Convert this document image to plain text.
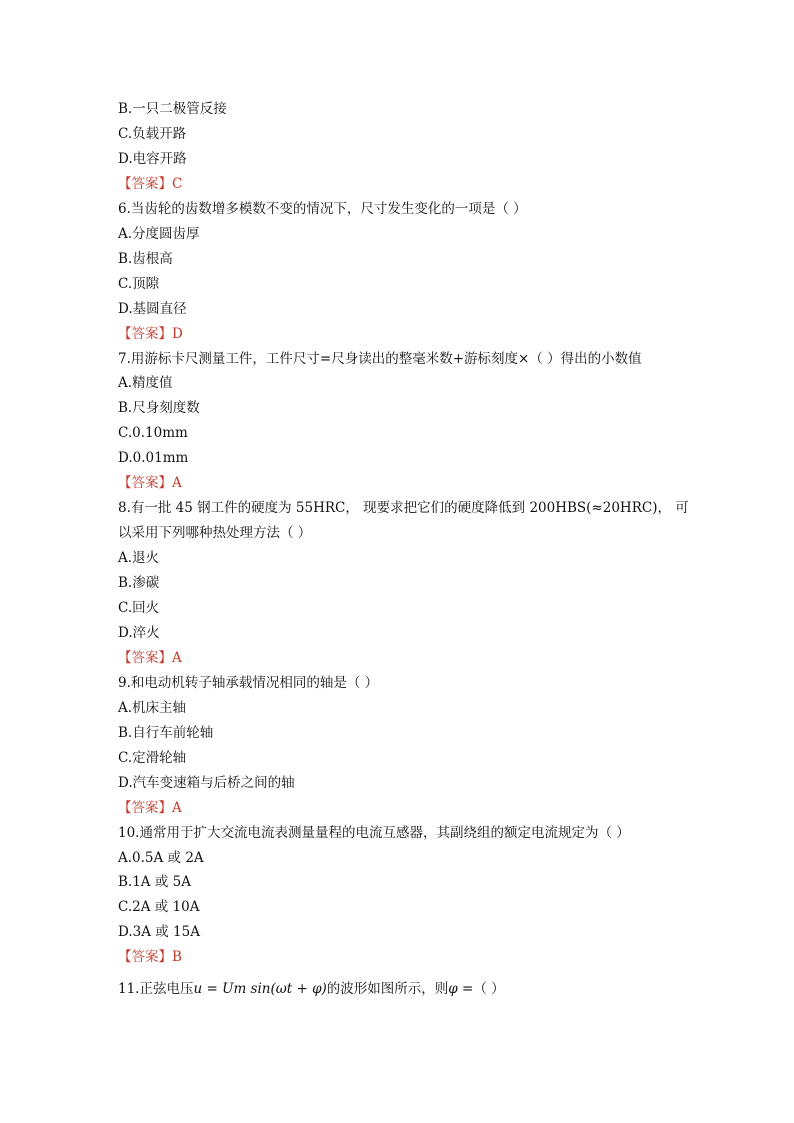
B.一只二极管反接
C.负载开路
D.电容开路
【答案】C
6.当齿轮的齿数增多模数不变的情况下，尺寸发生变化的一项是（ ）
A.分度圆齿厚
B.齿根高
C.顶隙
D.基圆直径
【答案】D
7.用游标卡尺测量工件，工件尺寸=尺身读出的整毫米数+游标刻度×（ ）得出的小数值
A.精度值
B.尺身刻度数
C.0.10mm
D.0.01mm
【答案】A
8.有一批 45 钢工件的硬度为 55HRC， 现要求把它们的硬度降低到 200HBS(≈20HRC)， 可
以采用下列哪种热处理方法（ ）
A.退火
B.渗碳
C.回火
D.淬火
【答案】A
9.和电动机转子轴承载情况相同的轴是（ ）
A.机床主轴
B.自行车前轮轴
C.定滑轮轴
D.汽车变速箱与后桥之间的轴
【答案】A
10.通常用于扩大交流电流表测量量程的电流互感器，其副绕组的额定电流规定为（ ）
A.0.5A 或 2A
B.1A 或 5A
C.2A 或 10A
D.3A 或 15A
【答案】B
11.正弦电压u = Um sin(ωt + φ)的波形如图所示，则φ =（ ）
